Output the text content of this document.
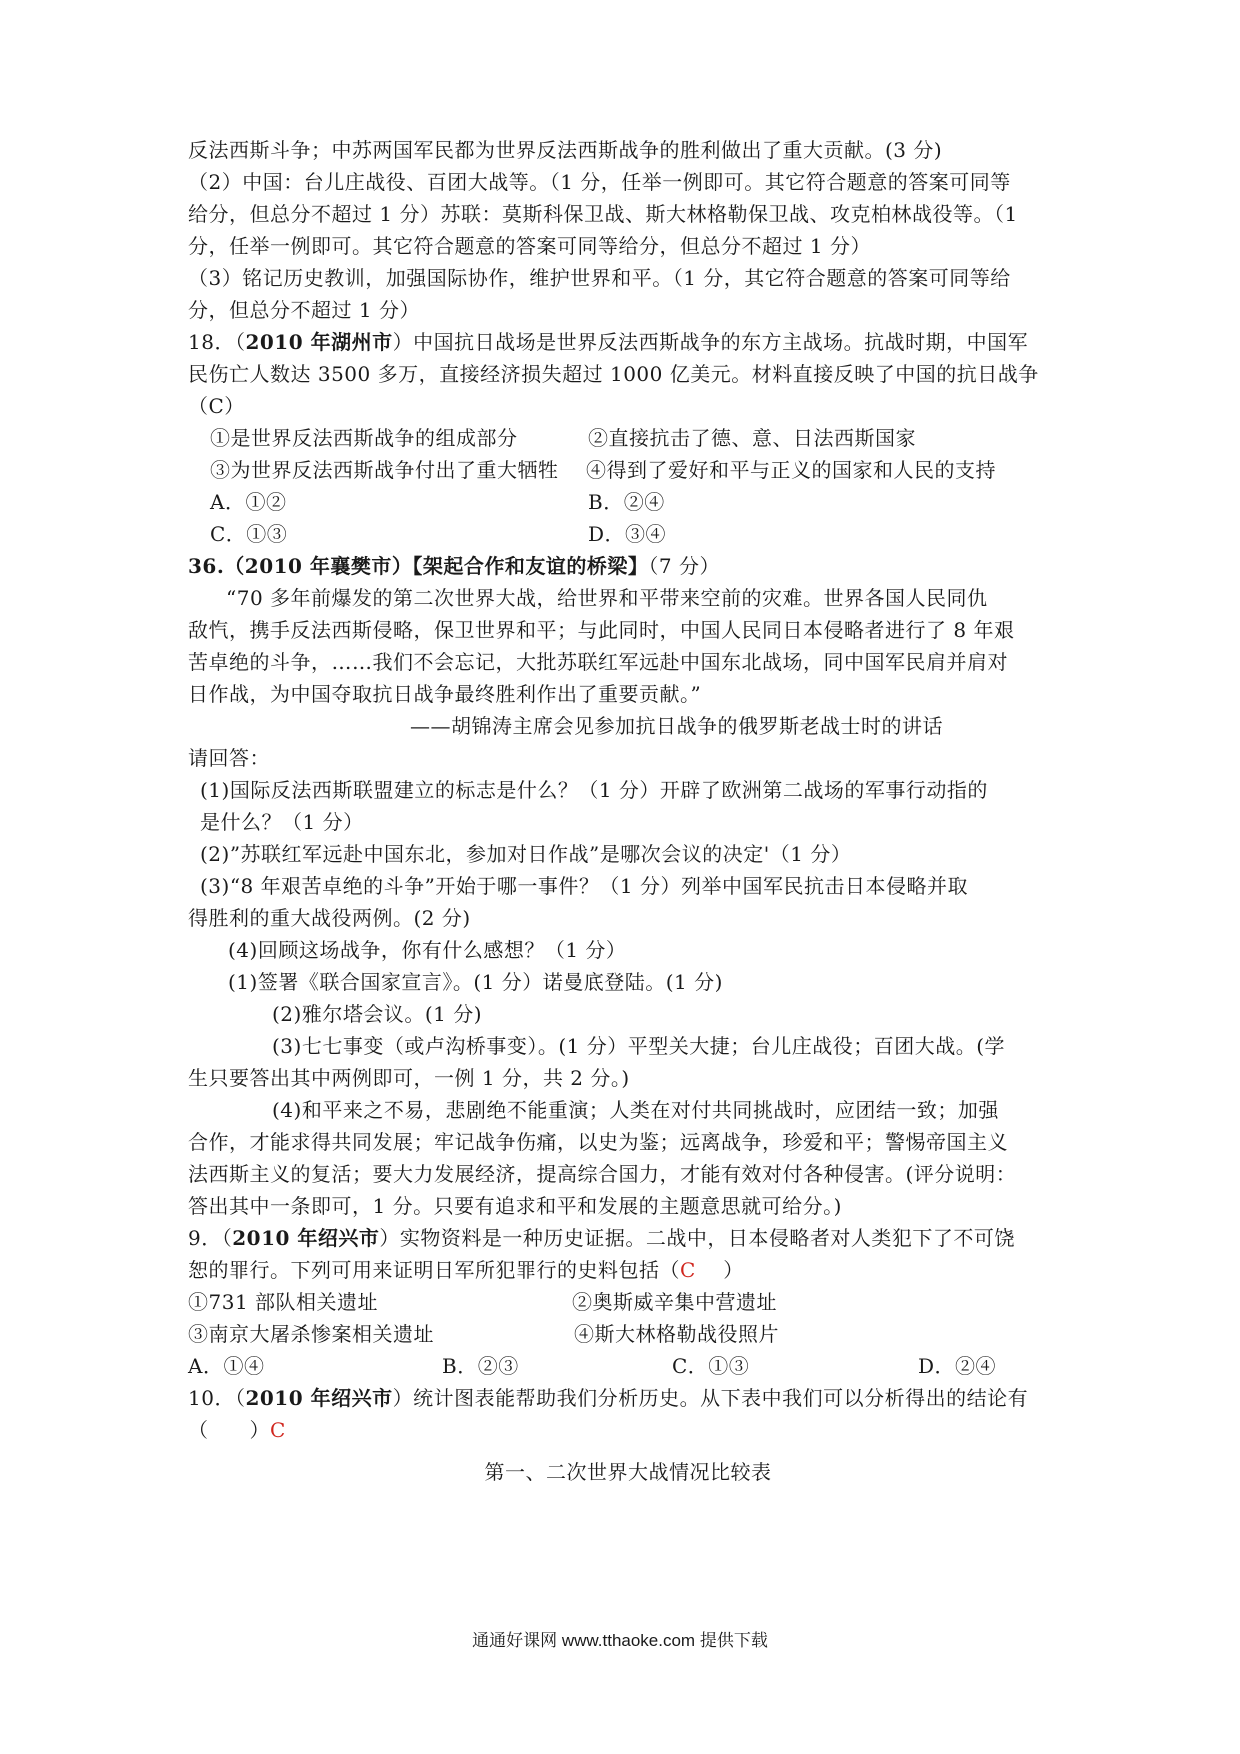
反法西斯斗争；中苏两国军民都为世界反法西斯战争的胜利做出了重大贡献。(3 分)
（2）中国：台儿庄战役、百团大战等。（1 分，任举一例即可。其它符合题意的答案可同等
给分，但总分不超过 1 分）苏联：莫斯科保卫战、斯大林格勒保卫战、攻克柏林战役等。（1
分，任举一例即可。其它符合题意的答案可同等给分，但总分不超过 1 分）
（3）铭记历史教训，加强国际协作，维护世界和平。（1 分，其它符合题意的答案可同等给
分，但总分不超过 1 分）
18．（2010 年湖州市）中国抗日战场是世界反法西斯战争的东方主战场。抗战时期，中国军
民伤亡人数达 3500 多万，直接经济损失超过 1000 亿美元。材料直接反映了中国的抗日战争
（C）
①是世界反法西斯战争的组成部分	②直接抗击了德、意、日法西斯国家
③为世界反法西斯战争付出了重大牺牲	④得到了爱好和平与正义的国家和人民的支持
A．①②	B．②④
C．①③	D．③④
36.（2010 年襄樊市）【架起合作和友谊的桥梁】（7 分）
“70 多年前爆发的第二次世界大战，给世界和平带来空前的灾难。世界各国人民同仇
敌忾，携手反法西斯侵略，保卫世界和平；与此同时，中国人民同日本侵略者进行了 8 年艰
苦卓绝的斗争，……我们不会忘记，大批苏联红军远赴中国东北战场，同中国军民肩并肩对
日作战，为中国夺取抗日战争最终胜利作出了重要贡献。”
——胡锦涛主席会见参加抗日战争的俄罗斯老战士时的讲话
请回答：
(1)国际反法西斯联盟建立的标志是什么？（1 分）开辟了欧洲第二战场的军事行动指的
是什么？（1 分）
(2)”苏联红军远赴中国东北，参加对日作战”是哪次会议的决定'（1 分）
(3)“8 年艰苦卓绝的斗争”开始于哪一事件？（1 分）列举中国军民抗击日本侵略并取
得胜利的重大战役两例。(2 分)
(4)回顾这场战争，你有什么感想？（1 分）
(1)签署《联合国家宣言》。(1 分）诺曼底登陆。(1 分)
(2)雅尔塔会议。(1 分)
(3)七七事变（或卢沟桥事变）。(1 分）平型关大捷；台儿庄战役；百团大战。(学
生只要答出其中两例即可，一例 1 分，共 2 分。)
(4)和平来之不易，悲剧绝不能重演；人类在对付共同挑战时，应团结一致；加强
合作，才能求得共同发展；牢记战争伤痛，以史为鉴；远离战争，珍爱和平；警惕帝国主义
法西斯主义的复活；要大力发展经济，提高综合国力，才能有效对付各种侵害。(评分说明：
答出其中一条即可，1 分。只要有追求和平和发展的主题意思就可给分。)
9．（2010 年绍兴市）实物资料是一种历史证据。二战中，日本侵略者对人类犯下了不可饶
恕的罪行。下列可用来证明日军所犯罪行的史料包括（C ）
①731 部队相关遗址	②奥斯威辛集中营遗址
③南京大屠杀惨案相关遗址	④斯大林格勒战役照片
A．①④	B．②③	C．①③	D．②④
10．（2010 年绍兴市）统计图表能帮助我们分析历史。从下表中我们可以分析得出的结论有
（　　）C
第一、二次世界大战情况比较表
通通好课网 www.tthaoke.com 提供下载
